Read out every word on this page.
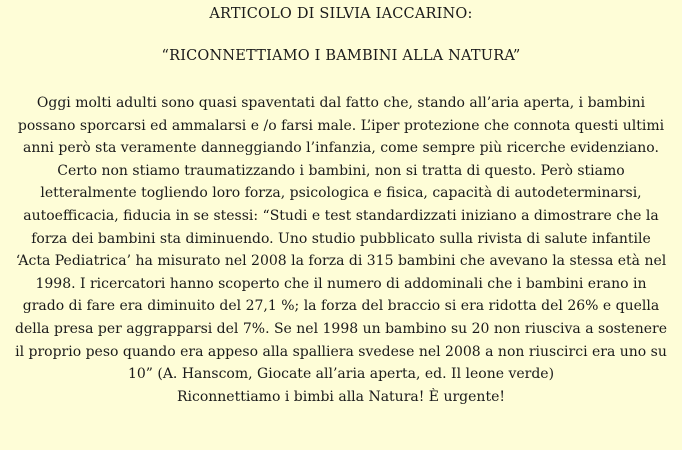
ARTICOLO DI SILVIA IACCARINO:
“RICONNETTIAMO I BAMBINI ALLA NATURA”
Oggi molti adulti sono quasi spaventati dal fatto che, stando all’aria aperta, i bambini
possano sporcarsi ed ammalarsi e /o farsi male. L’iper protezione che connota questi ultimi
anni però sta veramente danneggiando l’infanzia, come sempre più ricerche evidenziano.
Certo non stiamo traumatizzando i bambini, non si tratta di questo. Però stiamo
letteralmente togliendo loro forza, psicologica e fisica, capacità di autodeterminarsi,
autoefficacia, fiducia in se stessi: “Studi e test standardizzati iniziano a dimostrare che la
forza dei bambini sta diminuendo. Uno studio pubblicato sulla rivista di salute infantile
‘Acta Pediatrica’ ha misurato nel 2008 la forza di 315 bambini che avevano la stessa età nel
1998. I ricercatori hanno scoperto che il numero di addominali che i bambini erano in
grado di fare era diminuito del 27,1 %; la forza del braccio si era ridotta del 26% e quella
della presa per aggrapparsi del 7%. Se nel 1998 un bambino su 20 non riusciva a sostenere
il proprio peso quando era appeso alla spalliera svedese nel 2008 a non riuscirci era uno su
10” (A. Hanscom, Giocate all’aria aperta, ed. Il leone verde)

Riconnettiamo i bimbi alla Natura! È urgente!
